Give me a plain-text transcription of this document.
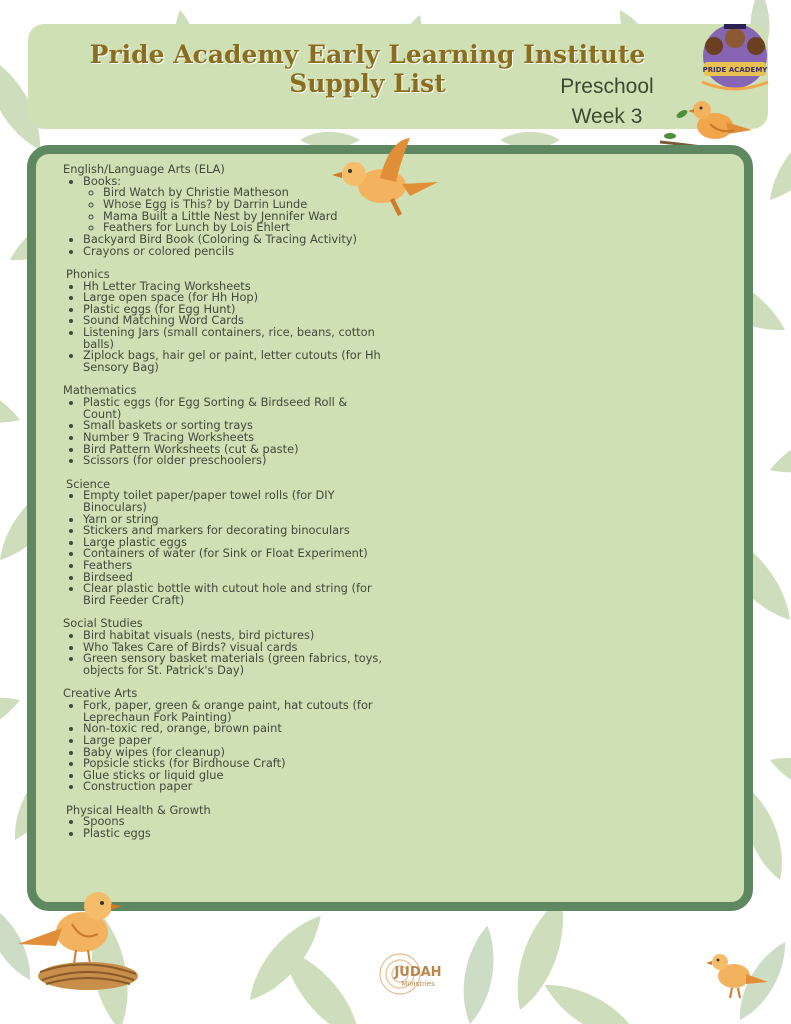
Pride Academy Early Learning Institute
Supply List	Preschool
Week 3
PRIDE ACADEMY
English/Language Arts (ELA)
• Books:
◦ Bird Watch by Christie Matheson
◦ Whose Egg is This? by Darrin Lunde
◦ Mama Built a Little Nest by Jennifer Ward
◦ Feathers for Lunch by Lois Ehlert
• Backyard Bird Book (Coloring & Tracing Activity)
• Crayons or colored pencils
Phonics
• Hh Letter Tracing Worksheets
• Large open space (for Hh Hop)
• Plastic eggs (for Egg Hunt)
• Sound Matching Word Cards
• Listening Jars (small containers, rice, beans, cotton balls)
• Ziplock bags, hair gel or paint, letter cutouts (for Hh Sensory Bag)
Mathematics
• Plastic eggs (for Egg Sorting & Birdseed Roll & Count)
• Small baskets or sorting trays
• Number 9 Tracing Worksheets
• Bird Pattern Worksheets (cut & paste)
• Scissors (for older preschoolers)
Science
• Empty toilet paper/paper towel rolls (for DIY Binoculars)
• Yarn or string
• Stickers and markers for decorating binoculars
• Large plastic eggs
• Containers of water (for Sink or Float Experiment)
• Feathers
• Birdseed
• Clear plastic bottle with cutout hole and string (for Bird Feeder Craft)
Social Studies
• Bird habitat visuals (nests, bird pictures)
• Who Takes Care of Birds? visual cards
• Green sensory basket materials (green fabrics, toys, objects for St. Patrick's Day)
Creative Arts
• Fork, paper, green & orange paint, hat cutouts (for Leprechaun Fork Painting)
• Non-toxic red, orange, brown paint
• Large paper
• Baby wipes (for cleanup)
• Popsicle sticks (for Birdhouse Craft)
• Glue sticks or liquid glue
• Construction paper
Physical Health & Growth
• Spoons
• Plastic eggs
JUDAH
Ministries
